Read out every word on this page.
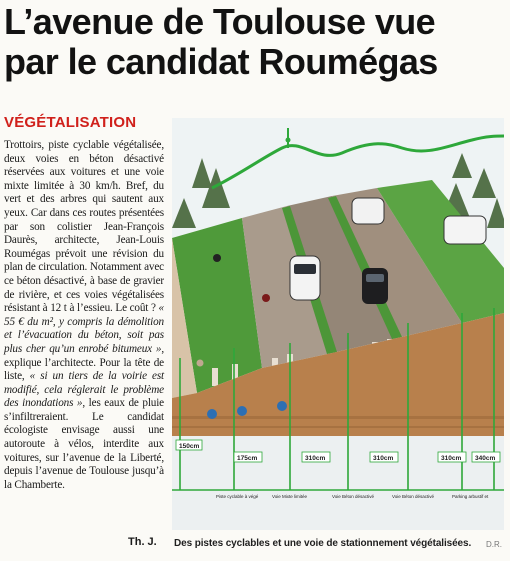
L’avenue de Toulouse vue
par le candidat Roumégas
VÉGÉTALISATION

Trottoirs, piste cyclable végétalisée, deux voies en béton désactivé réservées aux voitures et une voie mixte limitée à 30 km/h. Bref, du vert et des arbres qui sautent aux yeux. Car dans ces routes présentées par son colistier Jean-François Daurès, architecte, Jean-Louis Roumégas prévoit une révision du plan de circulation. Notamment avec ce béton désactivé, à base de gravier de rivière, et ces voies végétalisées résistant à 12 t à l’essieu. Le coût ? « 55 € du m², y compris la démolition et l’évacuation du béton, soit pas plus cher qu’un enrobé bitumeux », explique l’architecte. Pour la tête de liste, « si un tiers de la voirie est modifié, cela réglerait le problème des inondations », les eaux de pluie s’infiltreraient. Le candidat écologiste envisage aussi une autoroute à vélos, interdite aux voitures, sur l’avenue de la Liberté, depuis l’avenue de Toulouse jusqu’à la Chamberte.

Th. J.
150cm
175cm	310cm	310cm	310cm 340cm
Piste cyclable à végé	Voie Mixte limitée	Voie Béton désactivé	Voie Béton désactivé	Parking arbustif et
Des pistes cyclables et une voie de stationnement végétalisées. D.R.
